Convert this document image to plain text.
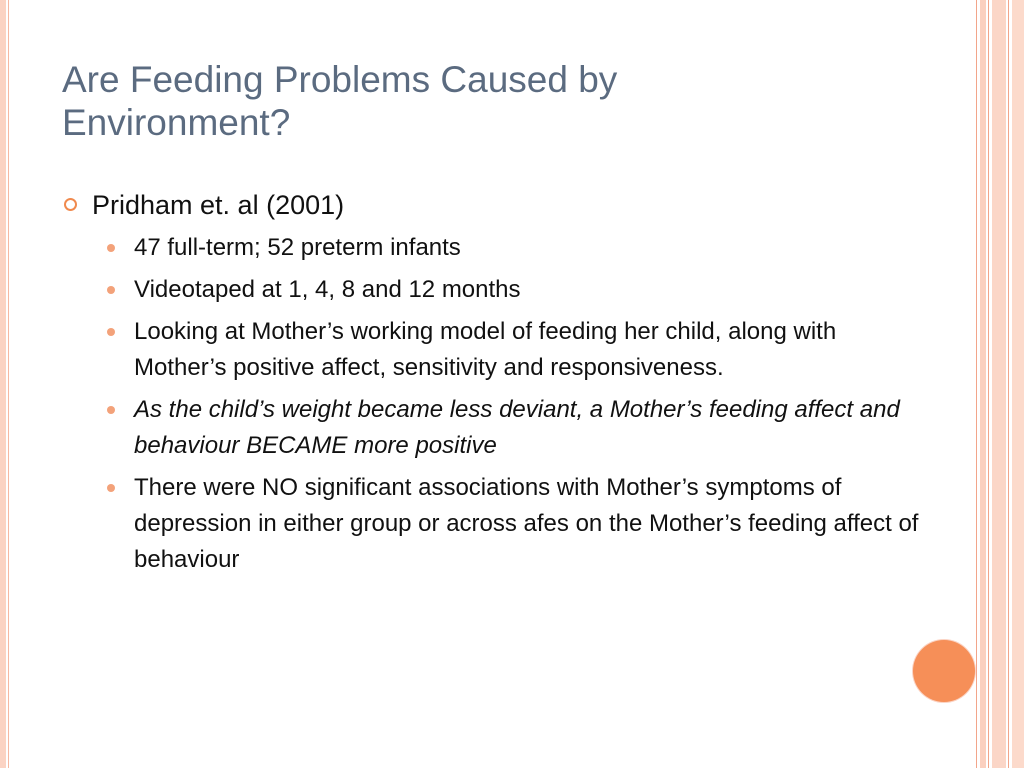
Are Feeding Problems Caused by
Environment?
Pridham et. al (2001)
47 full-term; 52 preterm infants
Videotaped at 1, 4, 8 and 12 months
Looking at Mother’s working model of feeding her child, along with Mother’s positive affect, sensitivity and responsiveness.
As the child’s weight became less deviant, a Mother’s feeding affect and behaviour BECAME more positive
There were NO significant associations with Mother’s symptoms of depression in either group or across afes on the Mother’s feeding affect of behaviour
